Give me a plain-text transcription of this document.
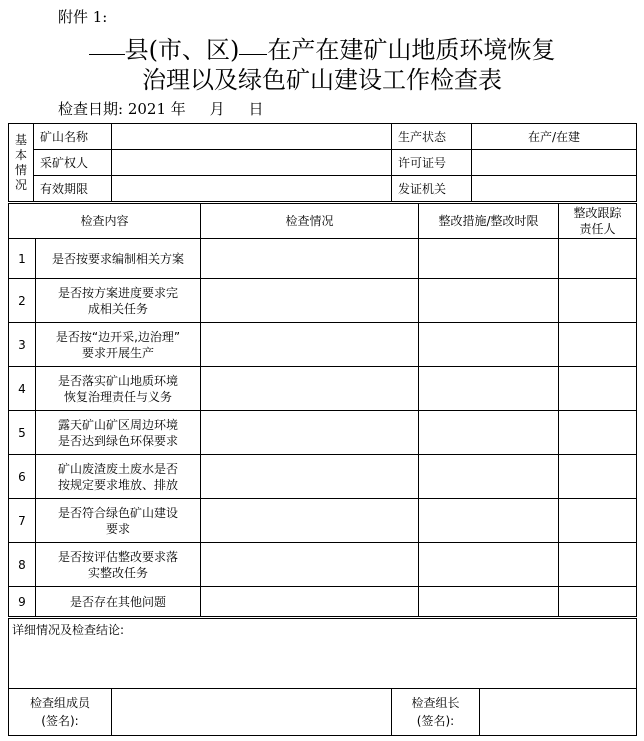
附件 1:
县(市、区) 在产在建矿山地质环境恢复
治理以及绿色矿山建设工作检查表
检查日期: 2021 年 月 日
基
本
情
况	矿山名称		生产状态	在产/在建
	采矿权人		许可证号	
	有效期限		发证机关	
检查内容		检查情况	整改措施/整改时限	整改跟踪
责任人

1	是否按要求编制相关方案			

2	是否按方案进度要求完
成相关任务			

3	是否按“边开采,边治理”
要求开展生产			

4	是否落实矿山地质环境
恢复治理责任与义务			

5	露天矿山矿区周边环境
是否达到绿色环保要求			

6	矿山废渣废土废水是否
按规定要求堆放、排放			

7	是否符合绿色矿山建设
要求			

8	是否按评估整改要求落
实整改任务			

9	是否存在其他问题			

详细情况及检查结论:

检查组成员
(签名):

检查组长
(签名):
